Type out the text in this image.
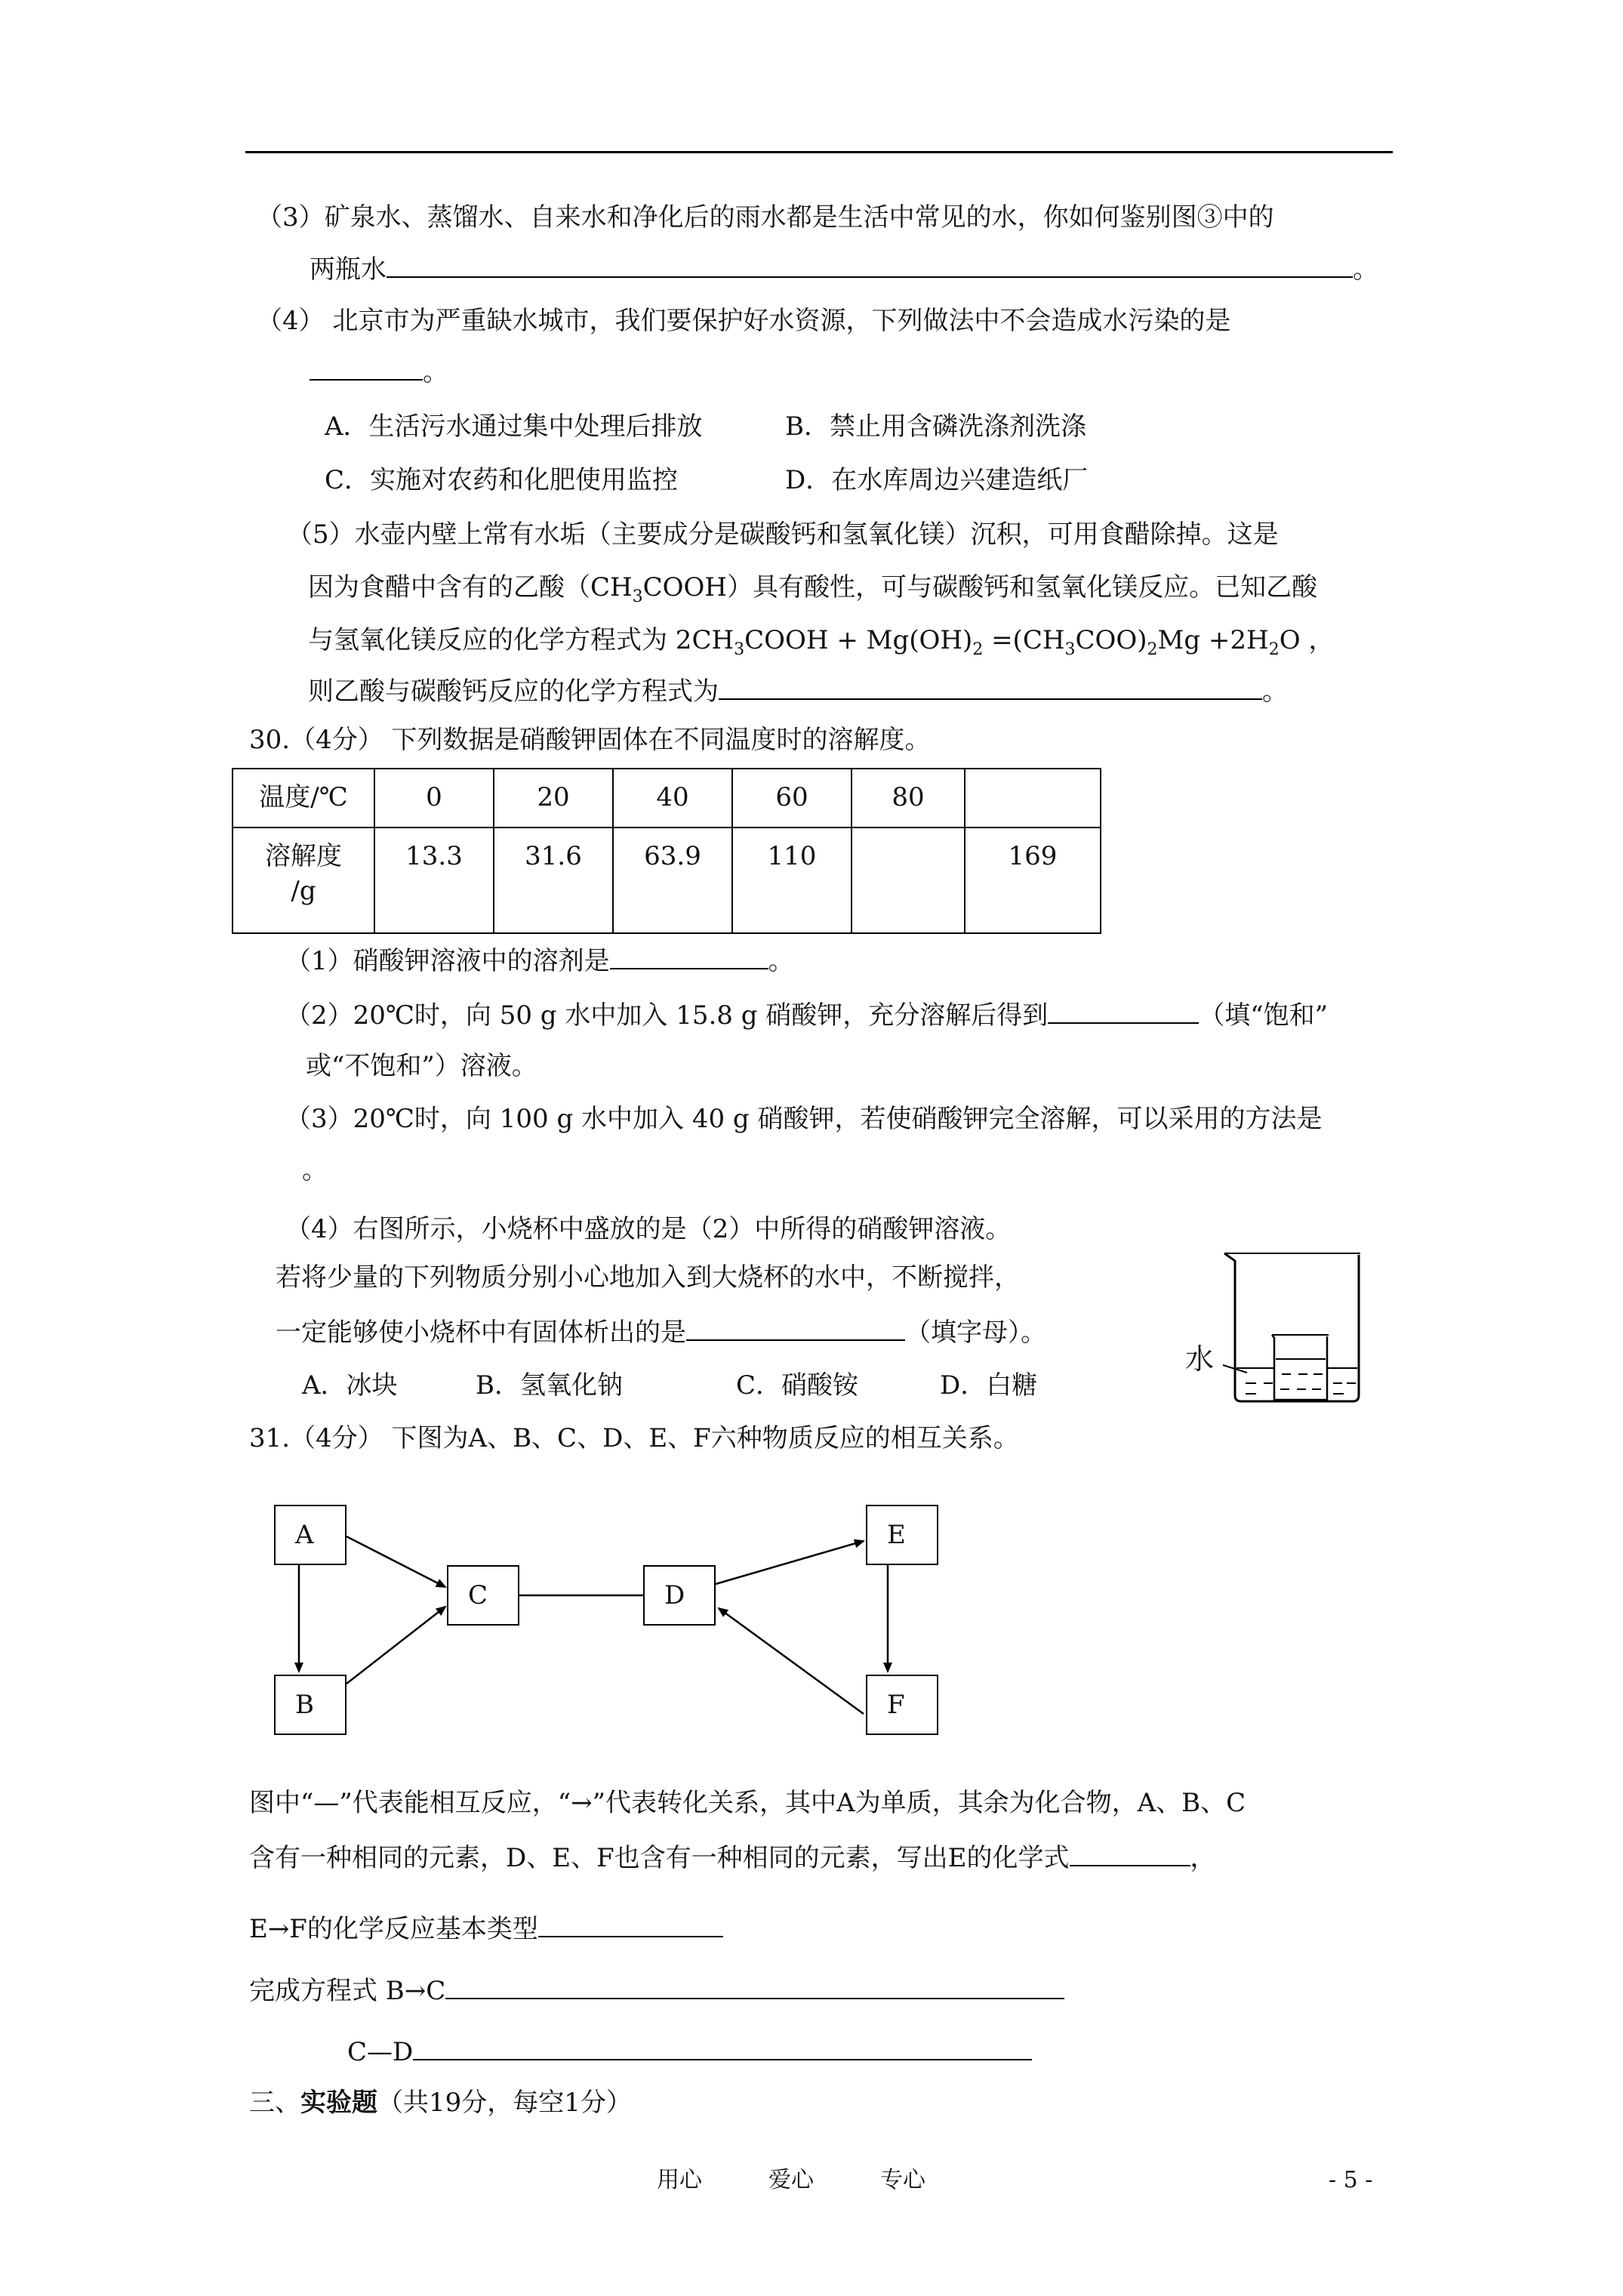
（3）矿泉水、蒸馏水、自来水和净化后的雨水都是生活中常见的水，你如何鉴别图③中的
两瓶水	。
（4） 北京市为严重缺水城市，我们要保护好水资源，下列做法中不会造成水污染的是
。
A．生活污水通过集中处理后排放	B．禁止用含磷洗涤剂洗涤
C．实施对农药和化肥使用监控	D．在水库周边兴建造纸厂
（5）水壶内壁上常有水垢（主要成分是碳酸钙和氢氧化镁）沉积，可用食醋除掉。这是
因为食醋中含有的乙酸$(CH_3COOH)$具有酸性，可与碳酸钙和氢氧化镁反应。已知乙酸
与氢氧化镁反应的化学方程式为 $2CH_3COOH + Mg(OH)_2 =(CH_3COO)_2Mg +2H_2O$ ，
则乙酸与碳酸钙反应的化学方程式为	。
30.（4分） 下列数据是硝酸钾固体在不同温度时的溶解度。
温度/℃	0	20	40	60	80	
溶解度
/g	13.3	31.6	63.9	110		169
（1）硝酸钾溶液中的溶剂是	。
（2）20℃时，向 50 g 水中加入 15.8 g 硝酸钾，充分溶解后得到	（填“饱和”
或“不饱和”）溶液。
（3）20℃时，向 100 g 水中加入 40 g 硝酸钾，若使硝酸钾完全溶解，可以采用的方法是
。
（4）右图所示，小烧杯中盛放的是（2）中所得的硝酸钾溶液。
若将少量的下列物质分别小心地加入到大烧杯的水中，不断搅拌，
一定能够使小烧杯中有固体析出的是	（填字母）。
A．冰块	B．氢氧化钠	C．硝酸铵	D．白糖
水
31.（4分） 下图为A、B、C、D、E、F六种物质反应的相互关系。
A
B
C	D
E
F
图中“—”代表能相互反应，“→”代表转化关系，其中A为单质，其余为化合物，A、B、C
含有一种相同的元素，D、E、F也含有一种相同的元素，写出E的化学式	，
E→F的化学反应基本类型
完成方程式 B→C
C—D
三、实验题（共19分，每空1分）
用心	爱心	专心	- 5 -
